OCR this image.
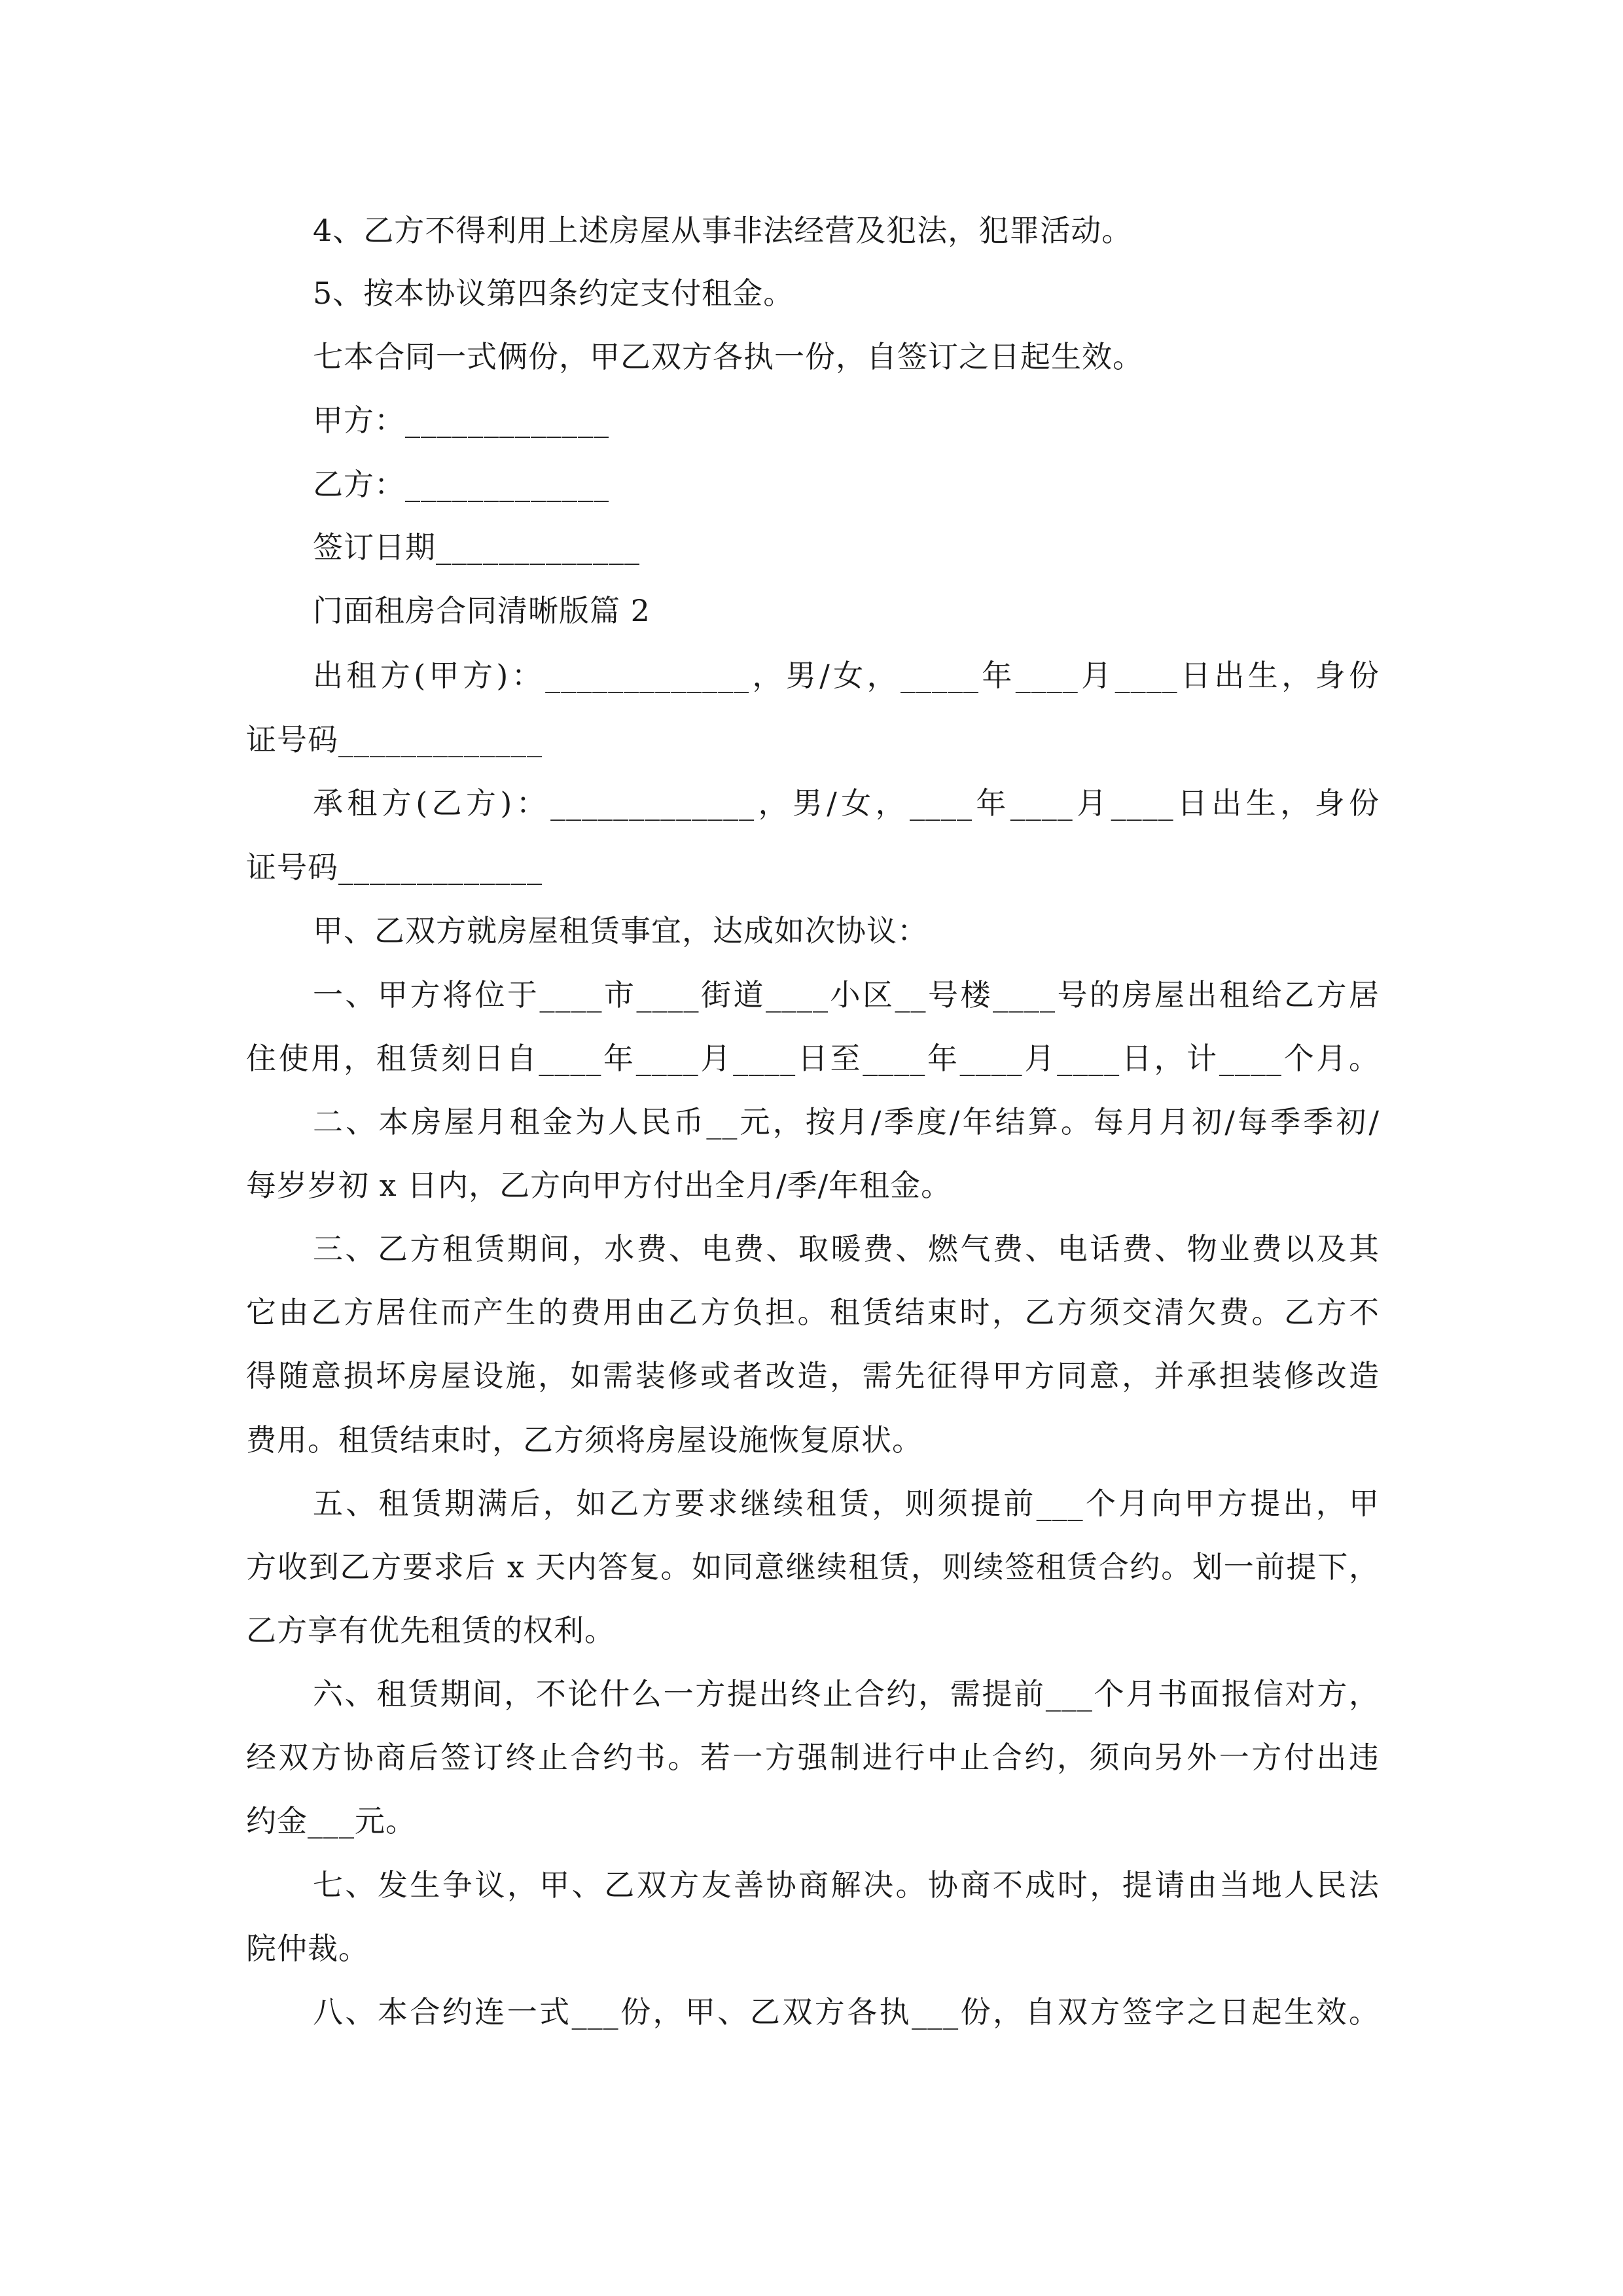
4、乙方不得利用上述房屋从事非法经营及犯法，犯罪活动。
5、按本协议第四条约定支付租金。
七本合同一式俩份，甲乙双方各执一份，自签订之日起生效。
甲方：_____________
乙方：_____________
签订日期_____________
门面租房合同清晰版篇 2
出租方(甲方)：_____________，男/女，_____年____月____日出生，身份
证号码_____________
承租方(乙方)：_____________，男/女，____年____月____日出生，身份
证号码_____________
甲、乙双方就房屋租赁事宜，达成如次协议：
一、甲方将位于____市____街道____小区__号楼____号的房屋出租给乙方居
住使用，租赁刻日自____年____月____日至____年____月____日，计____个月。
二、本房屋月租金为人民币__元，按月/季度/年结算。每月月初/每季季初/
每岁岁初 x 日内，乙方向甲方付出全月/季/年租金。
三、乙方租赁期间，水费、电费、取暖费、燃气费、电话费、物业费以及其
它由乙方居住而产生的费用由乙方负担。租赁结束时，乙方须交清欠费。乙方不
得随意损坏房屋设施，如需装修或者改造，需先征得甲方同意，并承担装修改造
费用。租赁结束时，乙方须将房屋设施恢复原状。
五、租赁期满后，如乙方要求继续租赁，则须提前___个月向甲方提出，甲
方收到乙方要求后 x 天内答复。如同意继续租赁，则续签租赁合约。划一前提下，
乙方享有优先租赁的权利。
六、租赁期间，不论什么一方提出终止合约，需提前___个月书面报信对方，
经双方协商后签订终止合约书。若一方强制进行中止合约，须向另外一方付出违
约金___元。
七、发生争议，甲、乙双方友善协商解决。协商不成时，提请由当地人民法
院仲裁。
八、本合约连一式___份，甲、乙双方各执___份，自双方签字之日起生效。
